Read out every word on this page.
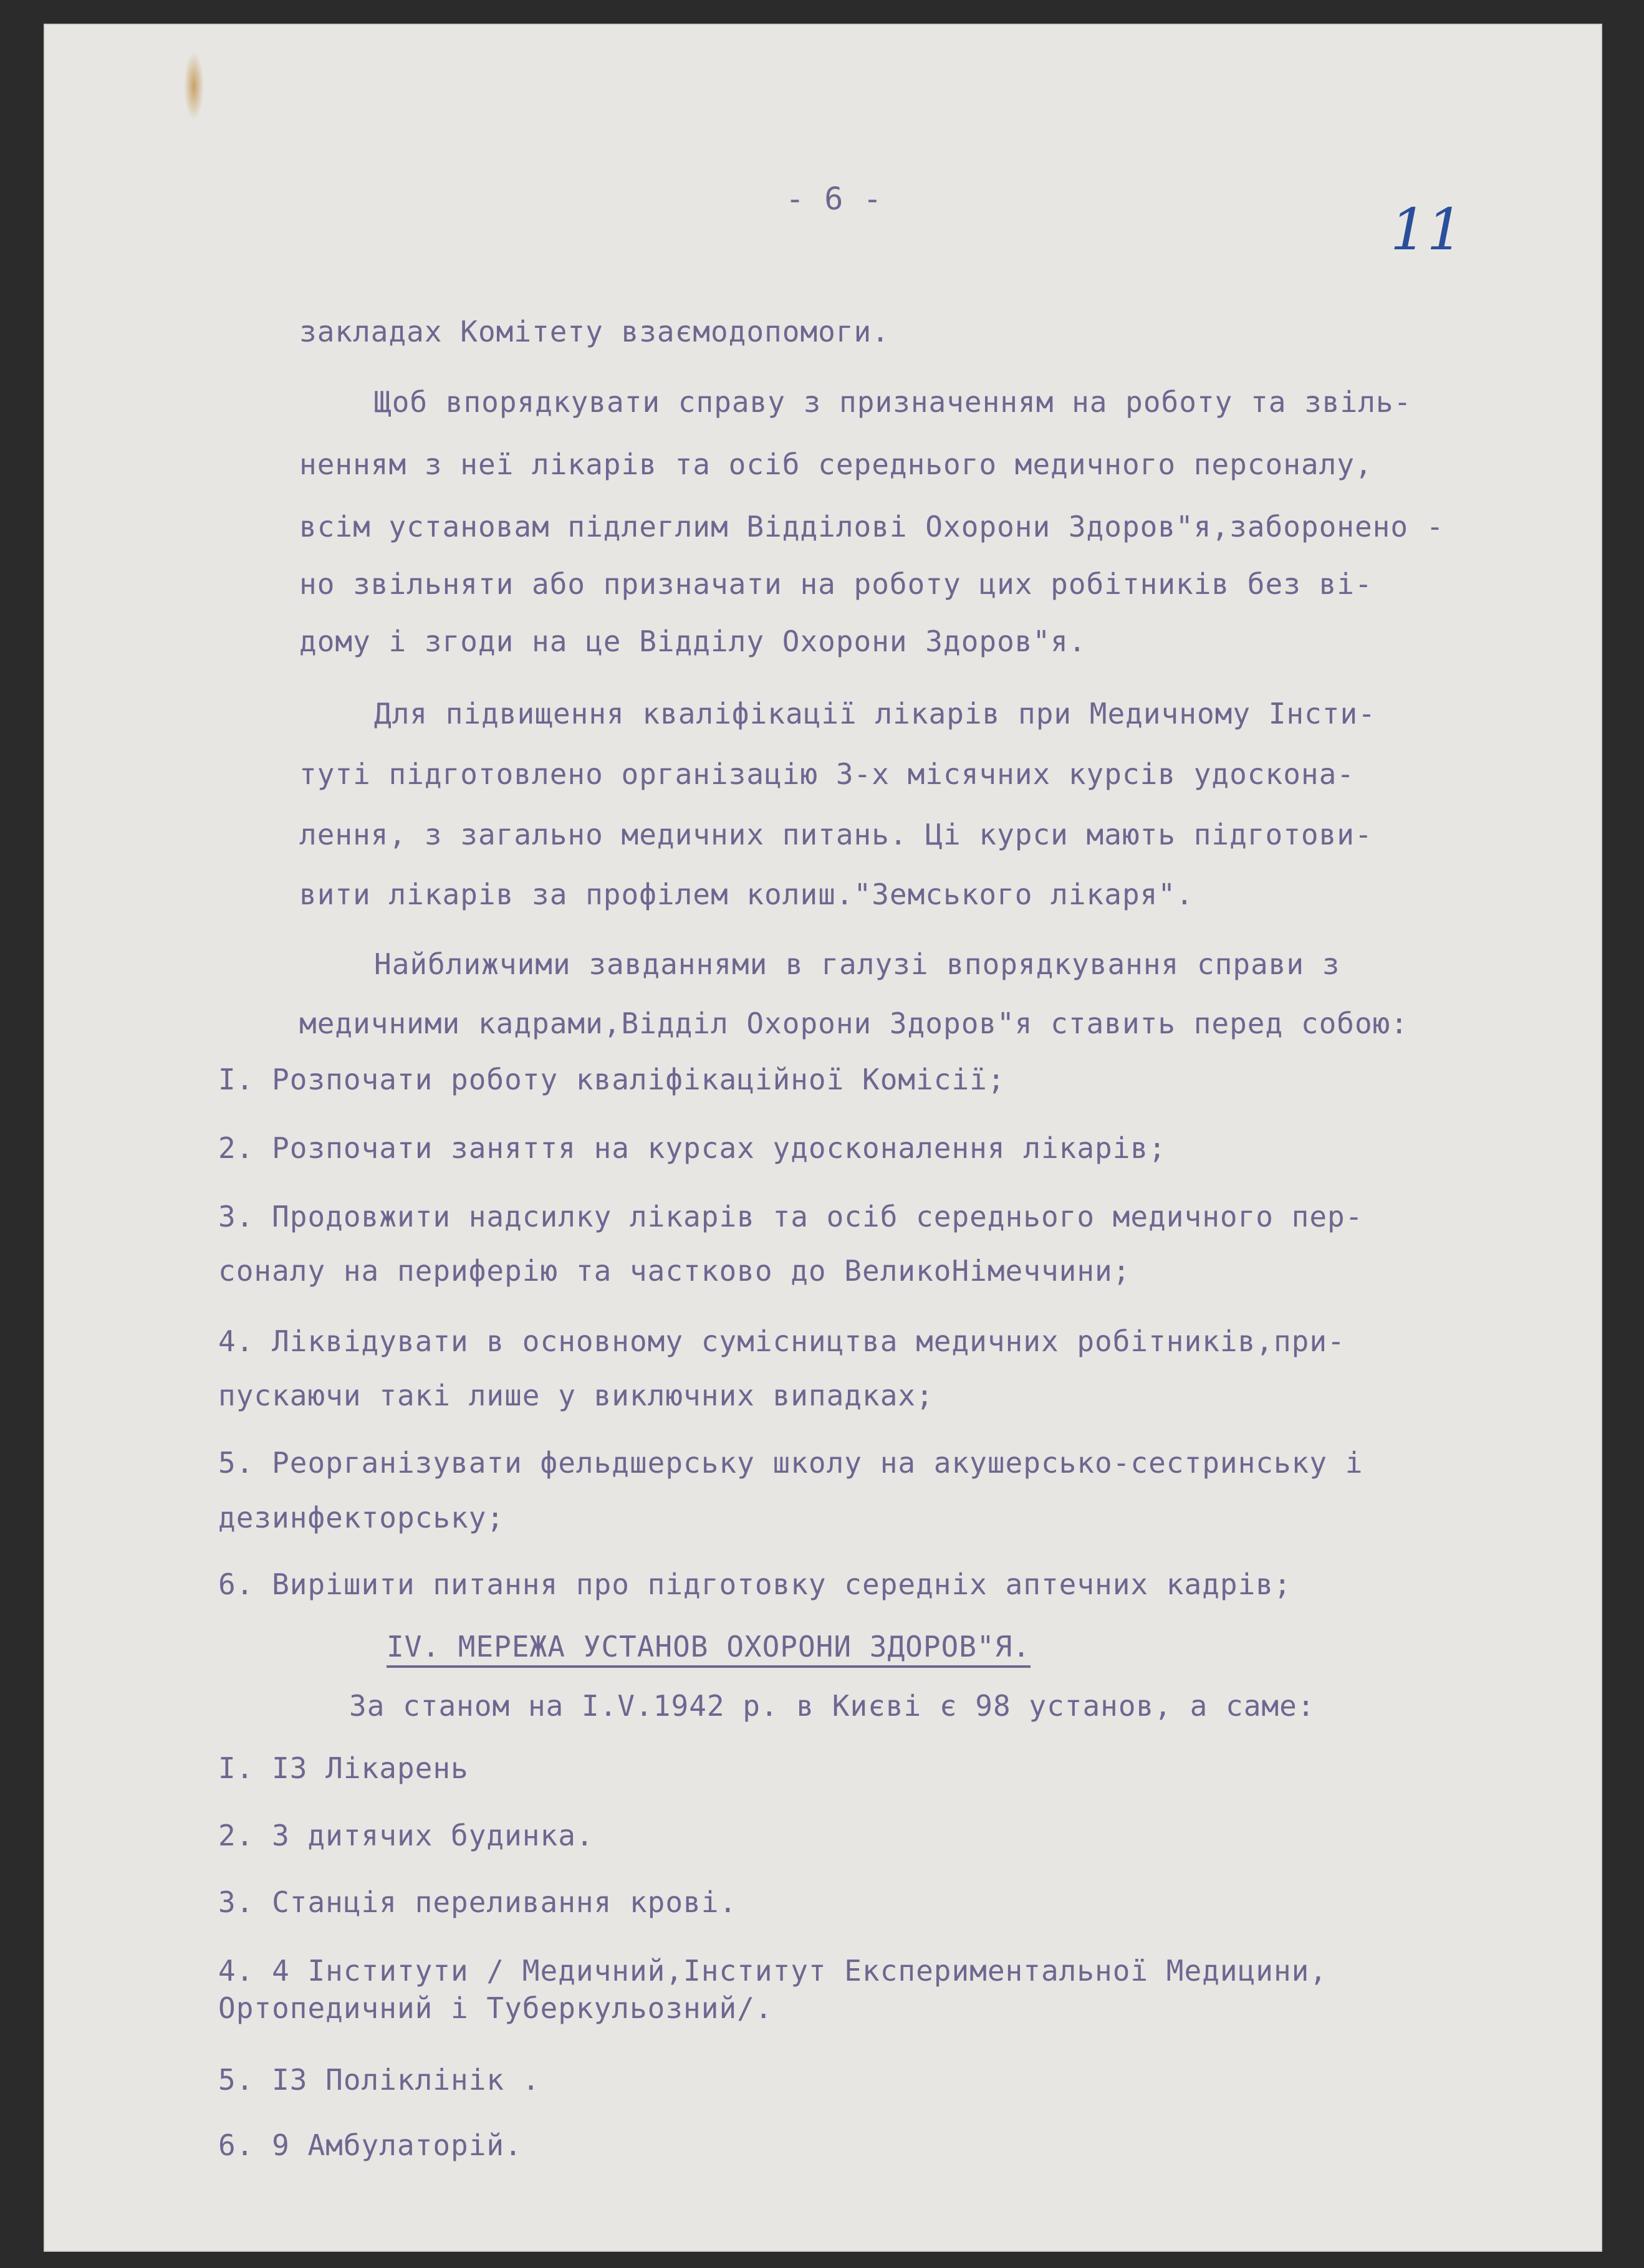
- 6 -	11
закладах Комітету взаємодопомоги.
Щоб впорядкувати справу з призначенням на роботу та звіль-
ненням з неї лікарів та осіб середнього медичного персоналу,
всім установам підлеглим Відділові Охорони Здоров"я,заборонено -
но звільняти або призначати на роботу цих робітників без ві-
дому і згоди на це Відділу Охорони Здоров"я.
Для підвищення кваліфікації лікарів при Медичному Інсти-
туті підготовлено організацію 3-х місячних курсів удоскона-
лення, з загально медичних питань. Ці курси мають підготови-
вити лікарів за профілем колиш."Земського лікаря".
Найближчими завданнями в галузі впорядкування справи з
медичними кадрами,Відділ Охорони Здоров"я ставить перед собою:
I. Розпочати роботу кваліфікаційної Комісії;
2. Розпочати заняття на курсах удосконалення лікарів;
3. Продовжити надсилку лікарів та осіб середнього медичного пер-
соналу на периферію та частково до ВеликоНімеччини;
4. Ліквідувати в основному сумісництва медичних робітників,при-
пускаючи такі лише у виключних випадках;
5. Реорганізувати фельдшерську школу на акушерсько-сестринську і
дезинфекторську;
6. Вирішити питання про підготовку середніх аптечних кадрів;
IV. МЕРЕЖА УСТАНОВ ОХОРОНИ ЗДОРОВ"Я.
За станом на I.V.1942 р. в Києві є 98 установ, а саме:
I. I3 Лікарень
2. 3 дитячих будинка.
3. Станція переливання крові.
4. 4 Інститути / Медичний,Інститут Експериментальної Медицини,
Ортопедичний і Туберкульозний/.
5. I3 Поліклінік .
6. 9 Амбулаторій.
